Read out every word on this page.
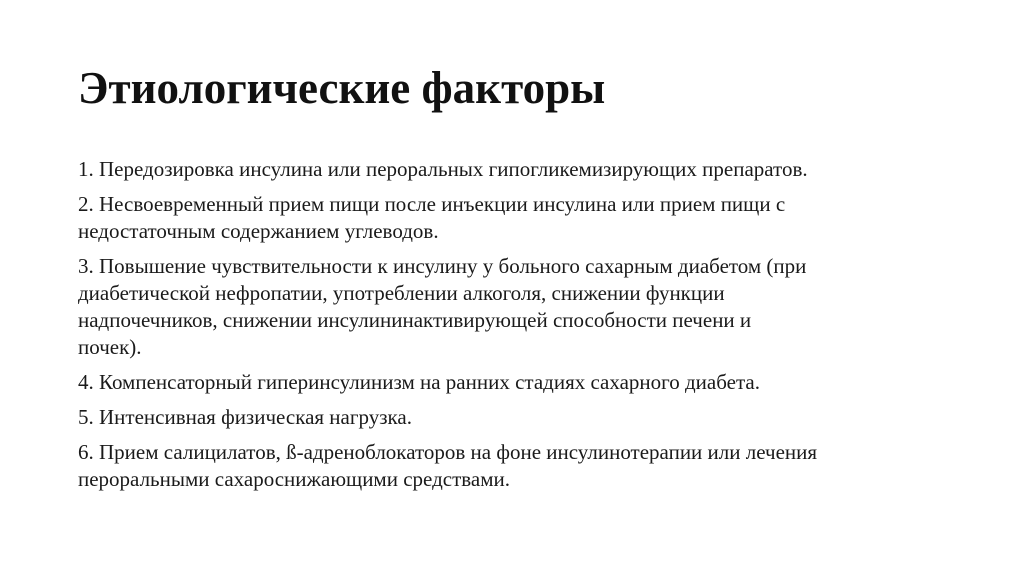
Этиологические факторы

1. Передозировка инсулина или пероральных гипогликемизирующих препаратов.

2. Несвоевременный прием пищи после инъекции инсулина или прием пищи с
недостаточным содержанием углеводов.

3. Повышение чувствительности к инсулину у больного сахарным диабетом (при
диабетической нефропатии, употреблении алкоголя, снижении функции
надпочечников, снижении инсулининактивирующей способности печени и
почек).

4. Компенсаторный гиперинсулинизм на ранних стадиях сахарного диабета.

5. Интенсивная физическая нагрузка.

6. Прием салицилатов, ß-адреноблокаторов на фоне инсулинотерапии или лечения
пероральными сахароснижающими средствами.
